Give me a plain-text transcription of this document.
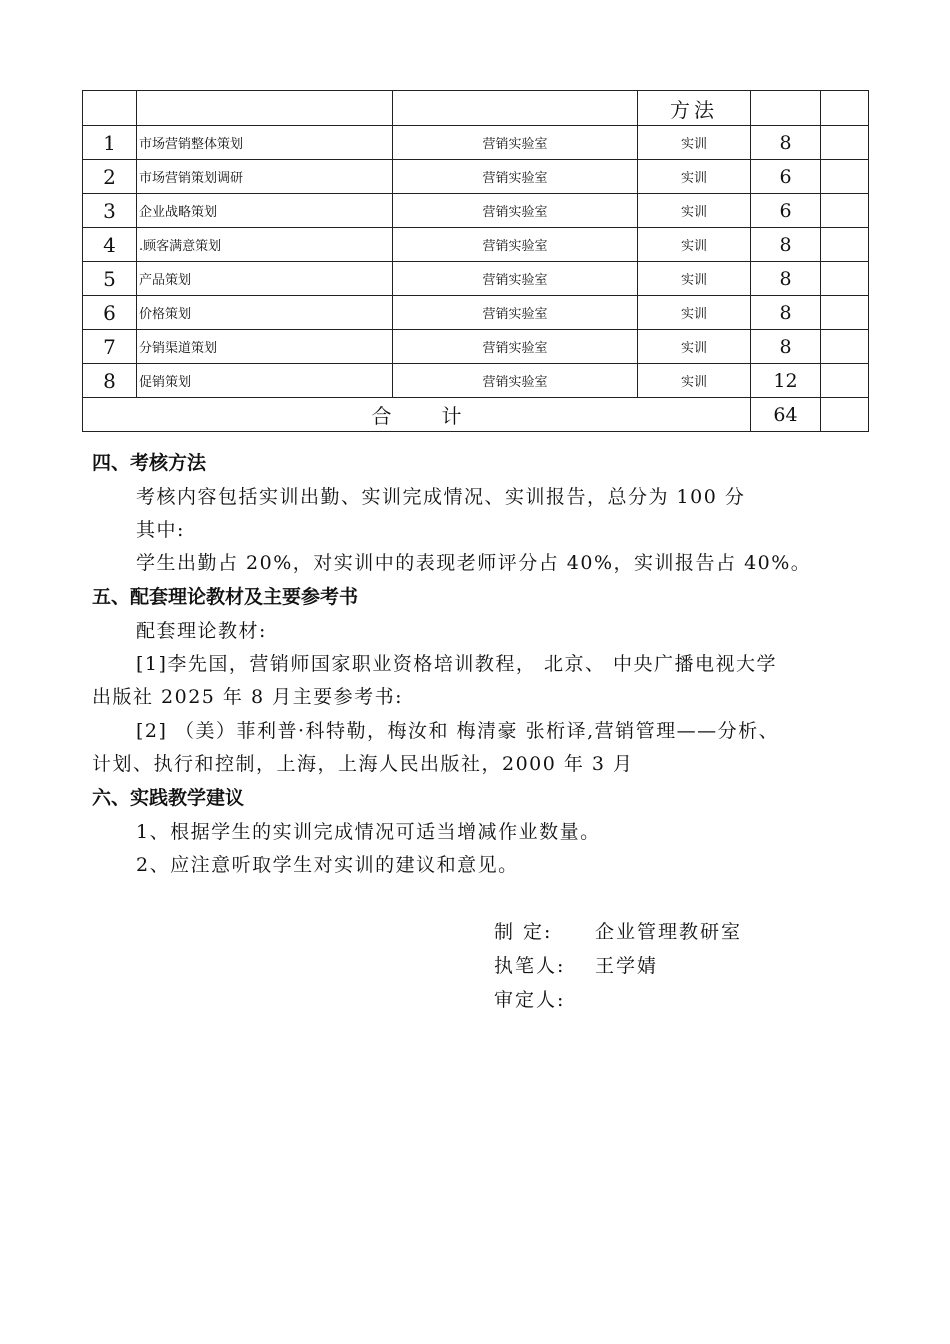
			方法		
1	市场营销整体策划	营销实验室	实训	8	
2	市场营销策划调研	营销实验室	实训	6	
3	企业战略策划	营销实验室	实训	6	
4	.顾客满意策划	营销实验室	实训	8	
5	产品策划	营销实验室	实训	8	
6	价格策划	营销实验室	实训	8	
7	分销渠道策划	营销实验室	实训	8	
8	促销策划	营销实验室	实训	12	
合 计				64	
四、考核方法
考核内容包括实训出勤、实训完成情况、实训报告，总分为 100 分
其中:
学生出勤占 20%，对实训中的表现老师评分占 40%，实训报告占 40%。
五、配套理论教材及主要参考书
配套理论教材:
[1]李先国，营销师国家职业资格培训教程， 北京、 中央广播电视大学
出版社 2025 年 8 月主要参考书:
[2] （美）菲利普·科特勒，梅汝和 梅清豪 张桁译,营销管理——分析、
计划、执行和控制，上海，上海人民出版社，2000 年 3 月
六、实践教学建议
1、根据学生的实训完成情况可适当增减作业数量。
2、应注意听取学生对实训的建议和意见。
制 定: 企业管理教研室
执笔人: 王学婧
审定人:
